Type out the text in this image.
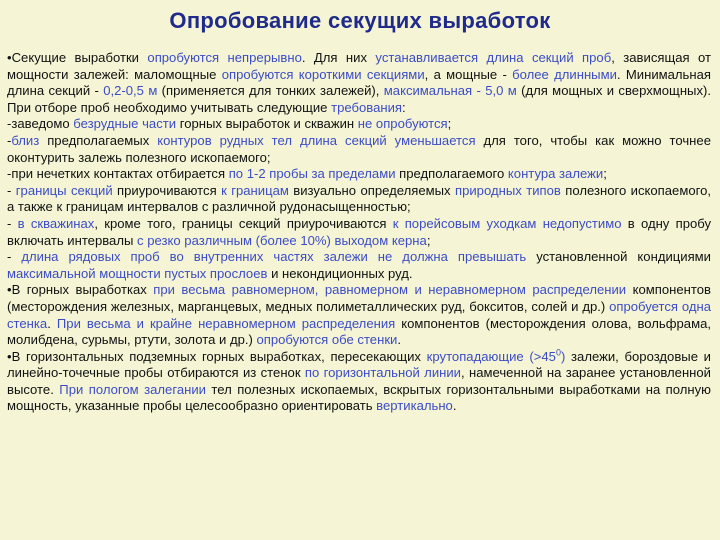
Опробование секущих выработок

•Секущие выработки опробуются непрерывно. Для них устанавливается длина секций проб, зависящая от мощности залежей: маломощные опробуются короткими секциями, а мощные - более длинными. Минимальная длина секций - 0,2-0,5 м (применяется для тонких залежей), максимальная - 5,0 м (для мощных и сверхмощных). При отборе проб необходимо учитывать следующие требования:

-заведомо безрудные части горных выработок и скважин не опробуются;

-близ предполагаемых контуров рудных тел длина секций уменьшается для того, чтобы как можно точнее оконтурить залежь полезного ископаемого;

-при нечетких контактах отбирается по 1-2 пробы за пределами предполагаемого контура залежи;

- границы секций приурочиваются к границам визуально определяемых природных типов полезного ископаемого, а также к границам интервалов с различной рудонасыщенностью;

- в скважинах, кроме того, границы секций приурочиваются к порейсовым уходкам недопустимо в одну пробу включать интервалы с резко различным (более 10%) выходом керна;

- длина рядовых проб во внутренних частях залежи не должна превышать установленной кондициями максимальной мощности пустых прослоев и некондиционных руд.

•В горных выработках при весьма равномерном, равномерном и неравномерном распределении компонентов (месторождения железных, марганцевых, медных полиметаллических руд, бокситов, солей и др.) опробуется одна стенка. При весьма и крайне неравномерном распределения компонентов (месторождения олова, вольфрама, молибдена, сурьмы, ртути, золота и др.) опробуются обе стенки.

•В горизонтальных подземных горных выработках, пересекающих крутопадающие $(>45^0)$ залежи, бороздовые и линейно-точечные пробы отбираются из стенок по горизонтальной линии, намеченной на заранее установленной высоте. При пологом залегании тел полезных ископаемых, вскрытых горизонтальными выработками на полную мощность, указанные пробы целесообразно ориентировать вертикально.
